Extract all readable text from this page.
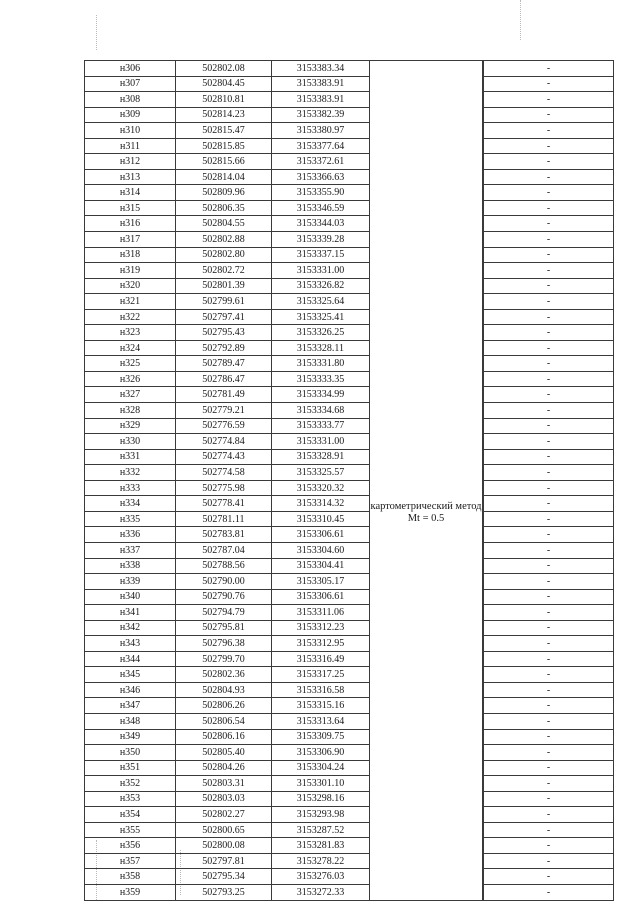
н306	502802.08	3153383.34	картометрический метод Mt = 0.5		-
н307	502804.45	3153383.91		-
н308	502810.81	3153383.91		-
н309	502814.23	3153382.39		-
н310	502815.47	3153380.97		-
н311	502815.85	3153377.64		-
н312	502815.66	3153372.61		-
н313	502814.04	3153366.63		-
н314	502809.96	3153355.90		-
н315	502806.35	3153346.59		-
н316	502804.55	3153344.03		-
н317	502802.88	3153339.28		-
н318	502802.80	3153337.15		-
н319	502802.72	3153331.00		-
н320	502801.39	3153326.82		-
н321	502799.61	3153325.64		-
н322	502797.41	3153325.41		-
н323	502795.43	3153326.25		-
н324	502792.89	3153328.11		-
н325	502789.47	3153331.80		-
н326	502786.47	3153333.35		-
н327	502781.49	3153334.99		-
н328	502779.21	3153334.68		-
н329	502776.59	3153333.77		-
н330	502774.84	3153331.00		-
н331	502774.43	3153328.91		-
н332	502774.58	3153325.57		-
н333	502775.98	3153320.32		-
н334	502778.41	3153314.32		-
н335	502781.11	3153310.45		-
н336	502783.81	3153306.61		-
н337	502787.04	3153304.60		-
н338	502788.56	3153304.41		-
н339	502790.00	3153305.17		-
н340	502790.76	3153306.61		-
н341	502794.79	3153311.06		-
н342	502795.81	3153312.23		-
н343	502796.38	3153312.95		-
н344	502799.70	3153316.49		-
н345	502802.36	3153317.25		-
н346	502804.93	3153316.58		-
н347	502806.26	3153315.16		-
н348	502806.54	3153313.64		-
н349	502806.16	3153309.75		-
н350	502805.40	3153306.90		-
н351	502804.26	3153304.24		-
н352	502803.31	3153301.10		-
н353	502803.03	3153298.16		-
н354	502802.27	3153293.98		-
н355	502800.65	3153287.52		-
н356	502800.08	3153281.83		-
н357	502797.81	3153278.22		-
н358	502795.34	3153276.03		-
н359	502793.25	3153272.33		-
